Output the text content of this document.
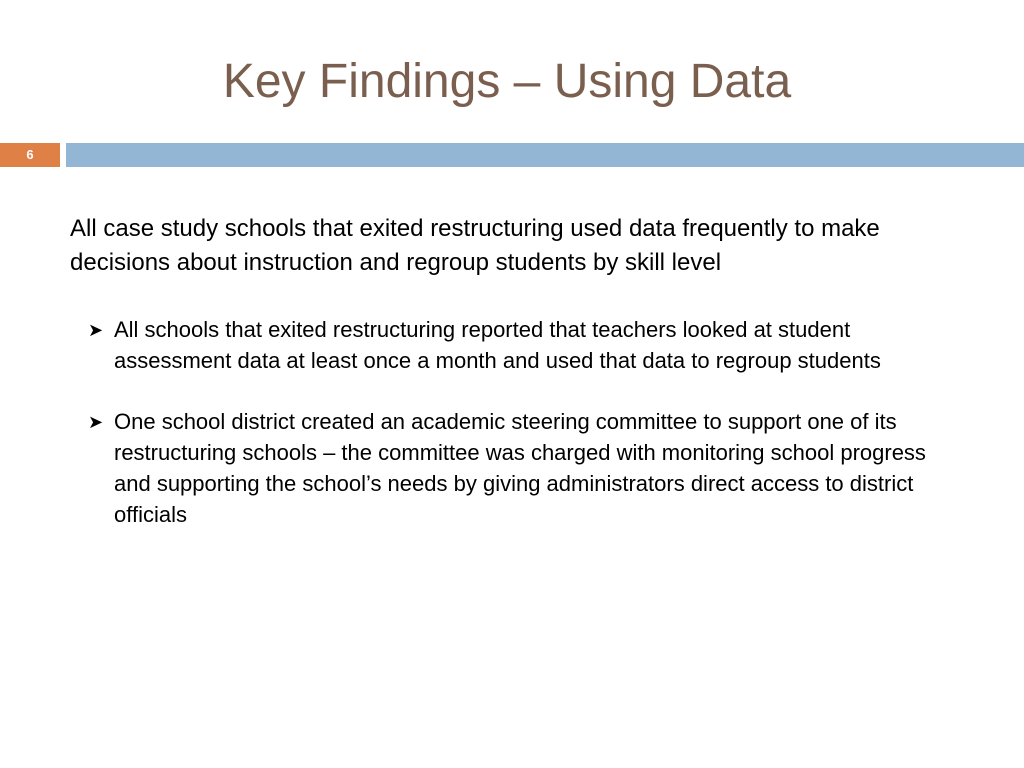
Key Findings – Using Data
6

All case study schools that exited restructuring used data frequently to make decisions about instruction and regroup students by skill level

➤ All schools that exited restructuring reported that teachers looked at student assessment data at least once a month and used that data to regroup students
➤ One school district created an academic steering committee to support one of its restructuring schools – the committee was charged with monitoring school progress and supporting the school’s needs by giving administrators direct access to district officials
